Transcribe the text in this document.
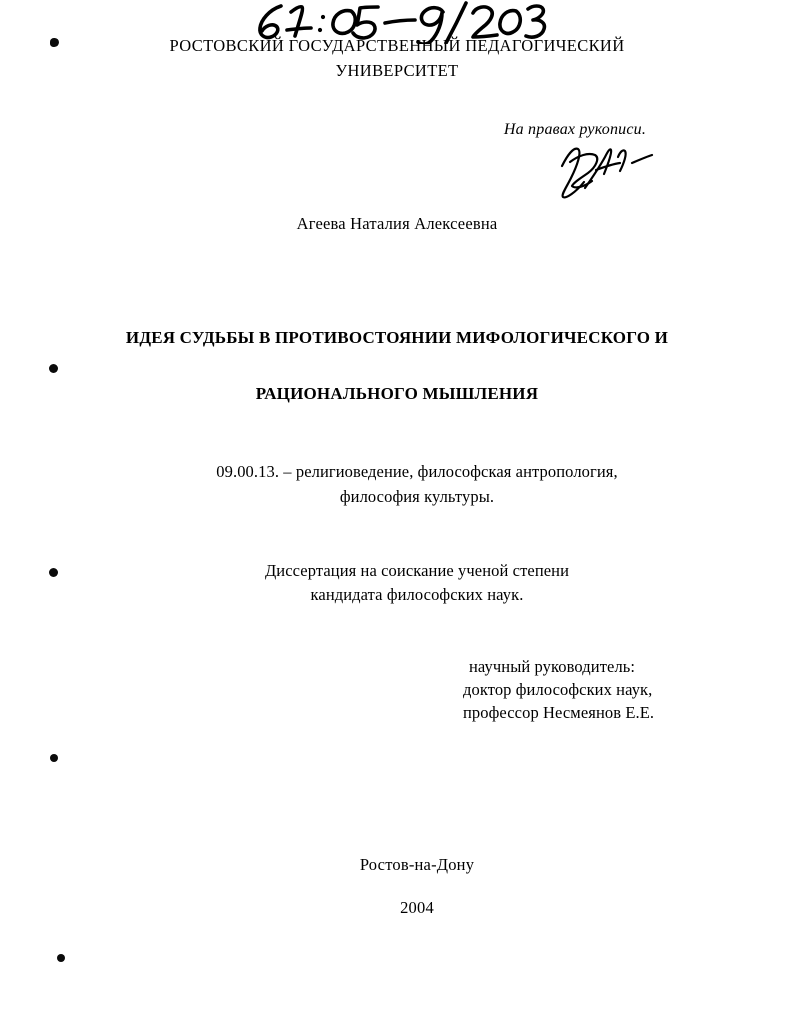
РОСТОВСКИЙ ГОСУДАРСТВЕННЫЙ ПЕДАГОГИЧЕСКИЙ
УНИВЕРСИТЕТ
На правах рукописи.
Агеева Наталия Алексеевна
ИДЕЯ СУДЬБЫ В ПРОТИВОСТОЯНИИ МИФОЛОГИЧЕСКОГО И
РАЦИОНАЛЬНОГО МЫШЛЕНИЯ
09.00.13. – религиоведение, философская антропология,
философия культуры.
Диссертация на соискание ученой степени
кандидата философских наук.
научный руководитель:
доктор философских наук,
профессор Несмеянов Е.Е.
Ростов-на-Дону
2004
